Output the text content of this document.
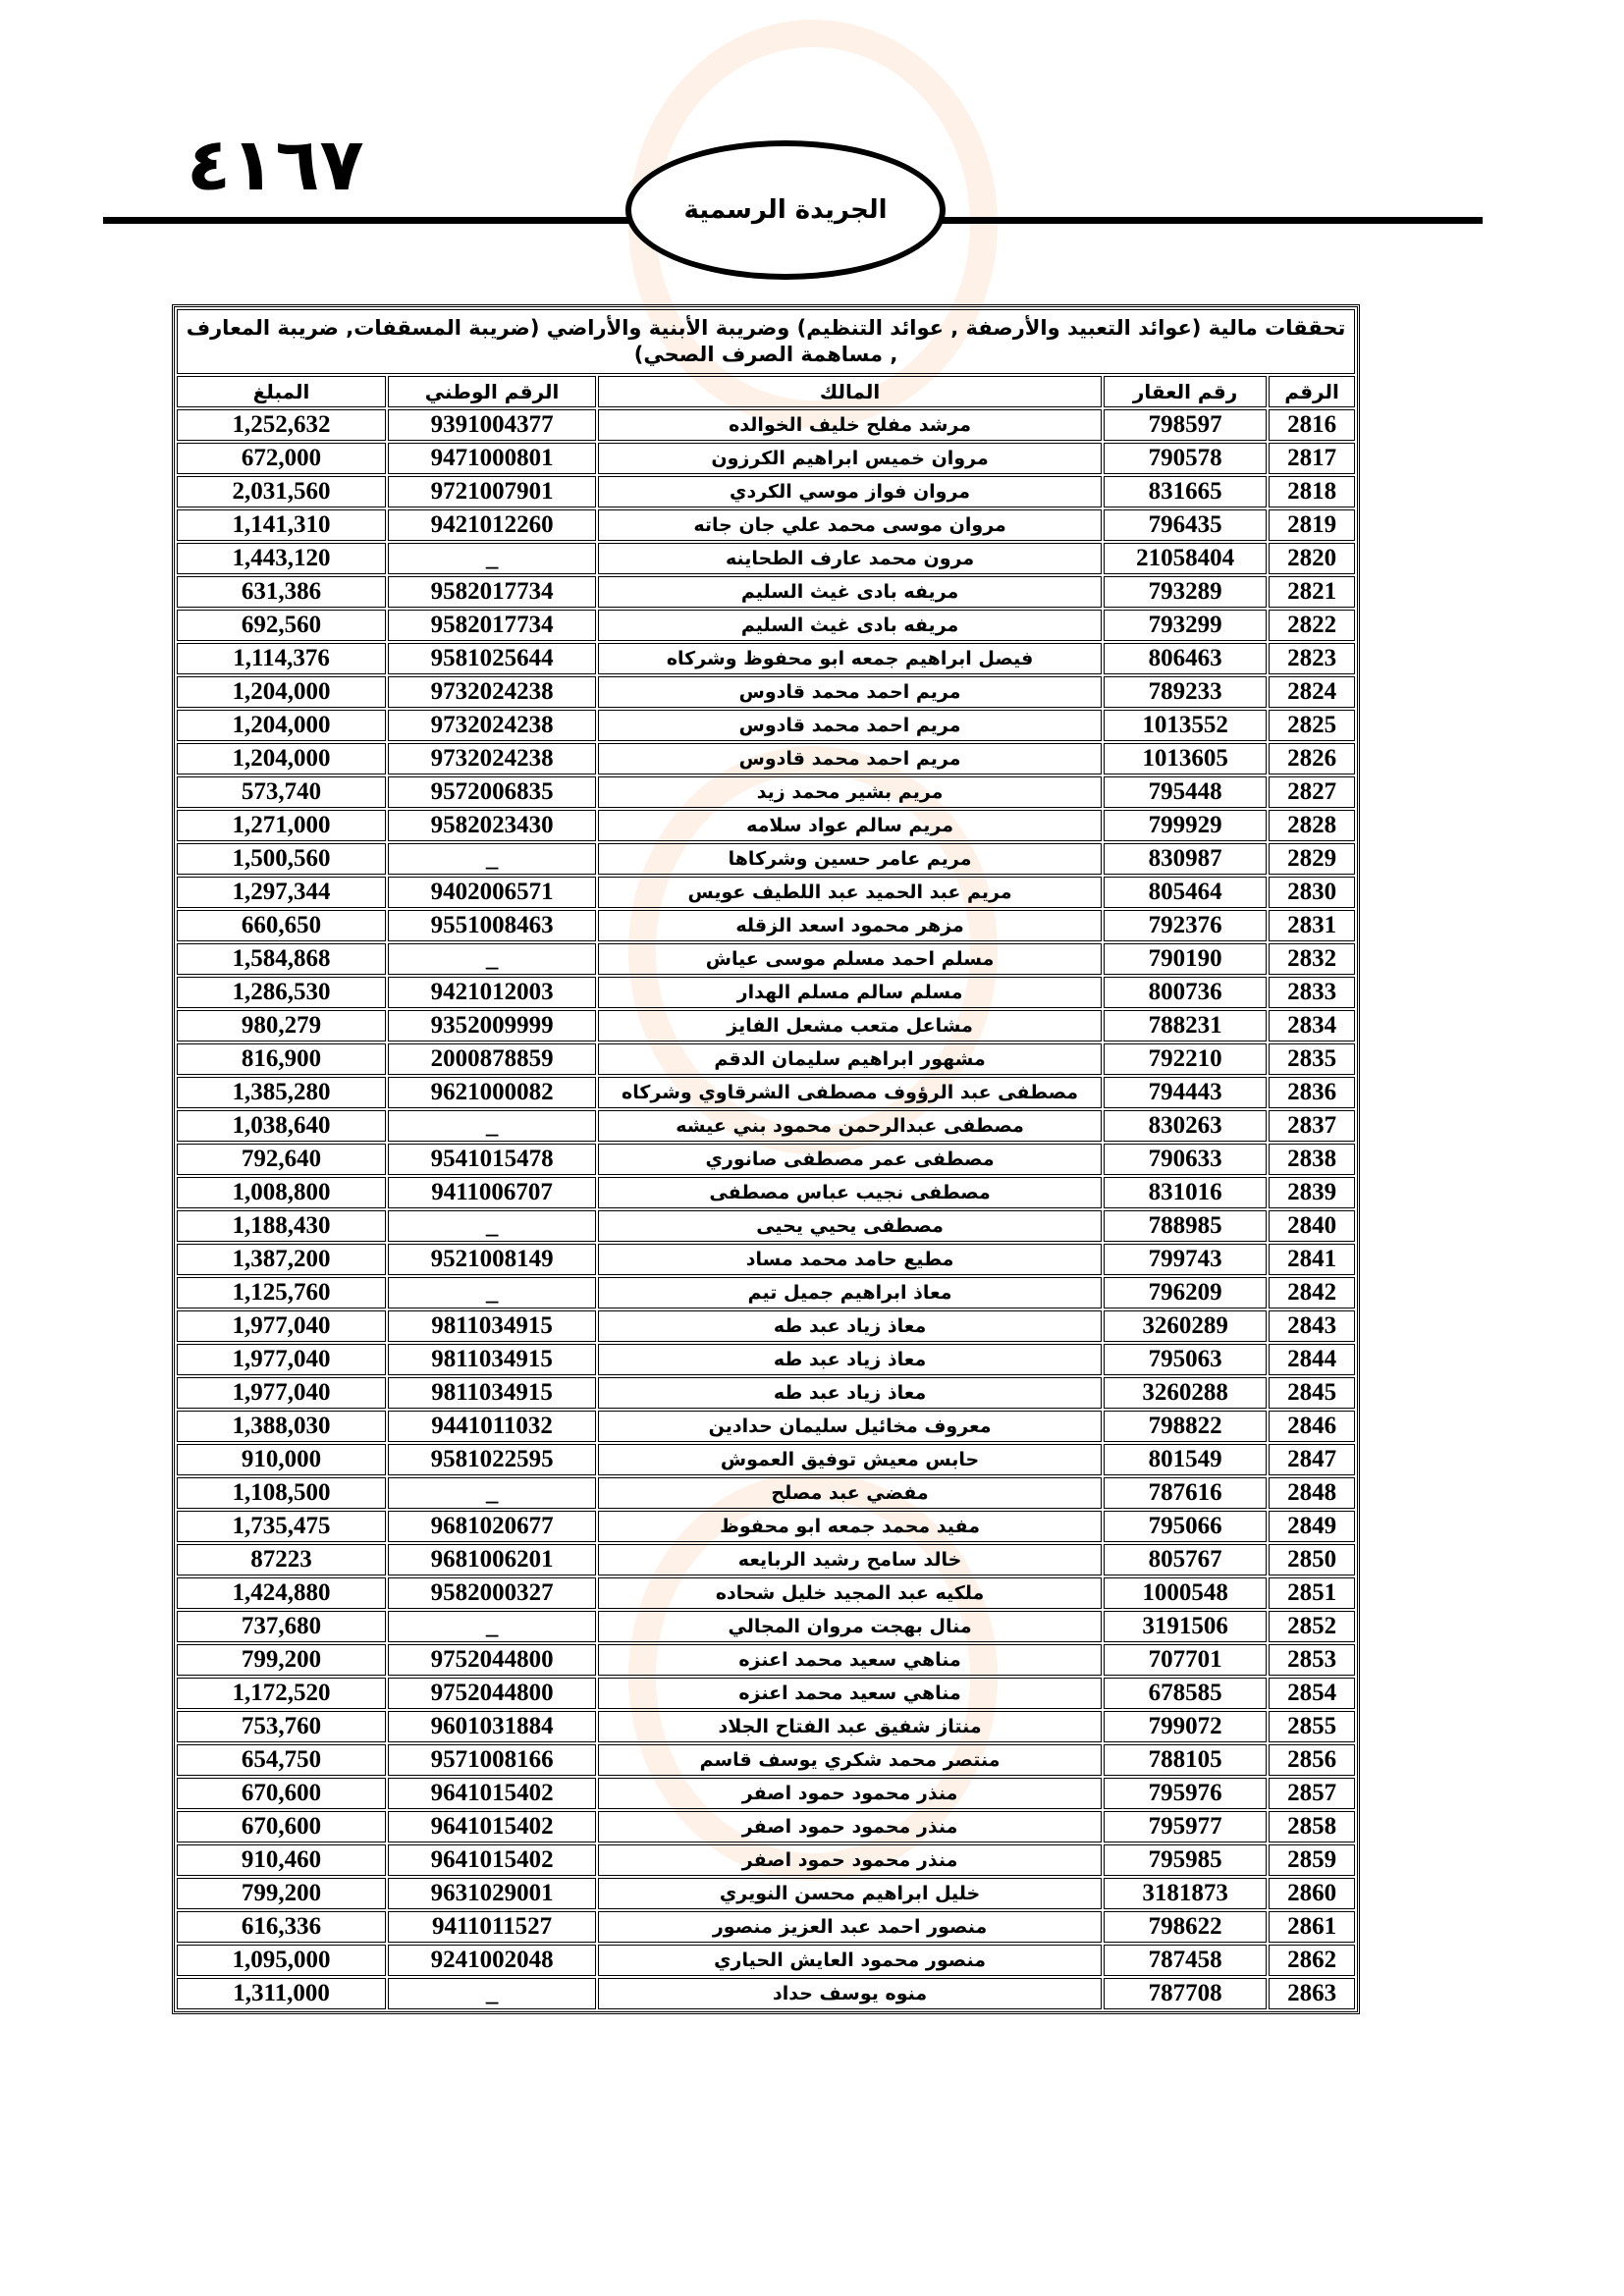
٤١٦٧
الجريدة الرسمية
تحققات مالية (عوائد التعبيد والأرصفة , عوائد التنظيم) وضريبة الأبنية والأراضي (ضريبة المسقفات, ضريبة المعارف , مساهمة الصرف الصحي)				
الرقم	رقم العقار	المالك	الرقم الوطني	المبلغ
2816	798597	مرشد مفلح خليف الخوالده	9391004377	1,252,632
2817	790578	مروان خميس ابراهيم الكرزون	9471000801	672,000
2818	831665	مروان فواز موسي الكردي	9721007901	2,031,560
2819	796435	مروان موسى محمد علي جان جاته	9421012260	1,141,310
2820	21058404	مرون محمد عارف الطحاينه	_	1,443,120
2821	793289	مريفه بادى غيث السليم	9582017734	631,386
2822	793299	مريفه بادى غيث السليم	9582017734	692,560
2823	806463	فيصل ابراهيم جمعه ابو محفوظ وشركاه	9581025644	1,114,376
2824	789233	مريم احمد محمد قادوس	9732024238	1,204,000
2825	1013552	مريم احمد محمد قادوس	9732024238	1,204,000
2826	1013605	مريم احمد محمد قادوس	9732024238	1,204,000
2827	795448	مريم بشير محمد زيد	9572006835	573,740
2828	799929	مريم سالم عواد سلامه	9582023430	1,271,000
2829	830987	مريم عامر حسين وشركاها	_	1,500,560
2830	805464	مريم عبد الحميد عبد اللطيف عويس	9402006571	1,297,344
2831	792376	مزهر محمود اسعد الزقله	9551008463	660,650
2832	790190	مسلم احمد مسلم موسى عياش	_	1,584,868
2833	800736	مسلم سالم مسلم الهدار	9421012003	1,286,530
2834	788231	مشاعل متعب مشعل الفايز	9352009999	980,279
2835	792210	مشهور ابراهيم سليمان الدقم	2000878859	816,900
2836	794443	مصطفى عبد الرؤوف مصطفى الشرقاوي وشركاه	9621000082	1,385,280
2837	830263	مصطفى عبدالرحمن محمود بني عيشه	_	1,038,640
2838	790633	مصطفى عمر مصطفى صانوري	9541015478	792,640
2839	831016	مصطفى نجيب عباس مصطفى	9411006707	1,008,800
2840	788985	مصطفى يحيي يحيى	_	1,188,430
2841	799743	مطيع حامد محمد مساد	9521008149	1,387,200
2842	796209	معاذ ابراهيم جميل تيم	_	1,125,760
2843	3260289	معاذ زياد عبد طه	9811034915	1,977,040
2844	795063	معاذ زياد عبد طه	9811034915	1,977,040
2845	3260288	معاذ زياد عبد طه	9811034915	1,977,040
2846	798822	معروف مخائيل سليمان حدادين	9441011032	1,388,030
2847	801549	حابس معيش توفيق العموش	9581022595	910,000
2848	787616	مفضي عبد مصلح	_	1,108,500
2849	795066	مفيد محمد جمعه ابو محفوظ	9681020677	1,735,475
2850	805767	خالد سامح رشيد الربايعه	9681006201	87223
2851	1000548	ملكيه عبد المجيد خليل شحاده	9582000327	1,424,880
2852	3191506	منال بهجت مروان المجالي	_	737,680
2853	707701	مناهي سعيد محمد اعنزه	9752044800	799,200
2854	678585	مناهي سعيد محمد اعنزه	9752044800	1,172,520
2855	799072	منتاز شفيق عبد الفتاح الجلاد	9601031884	753,760
2856	788105	منتصر محمد شكري يوسف قاسم	9571008166	654,750
2857	795976	منذر محمود حمود اصفر	9641015402	670,600
2858	795977	منذر محمود حمود اصفر	9641015402	670,600
2859	795985	منذر محمود حمود اصفر	9641015402	910,460
2860	3181873	خليل ابراهيم محسن النويري	9631029001	799,200
2861	798622	منصور احمد عبد العزيز منصور	9411011527	616,336
2862	787458	منصور محمود العايش الحياري	9241002048	1,095,000
2863	787708	منوه يوسف حداد	_	1,311,000
